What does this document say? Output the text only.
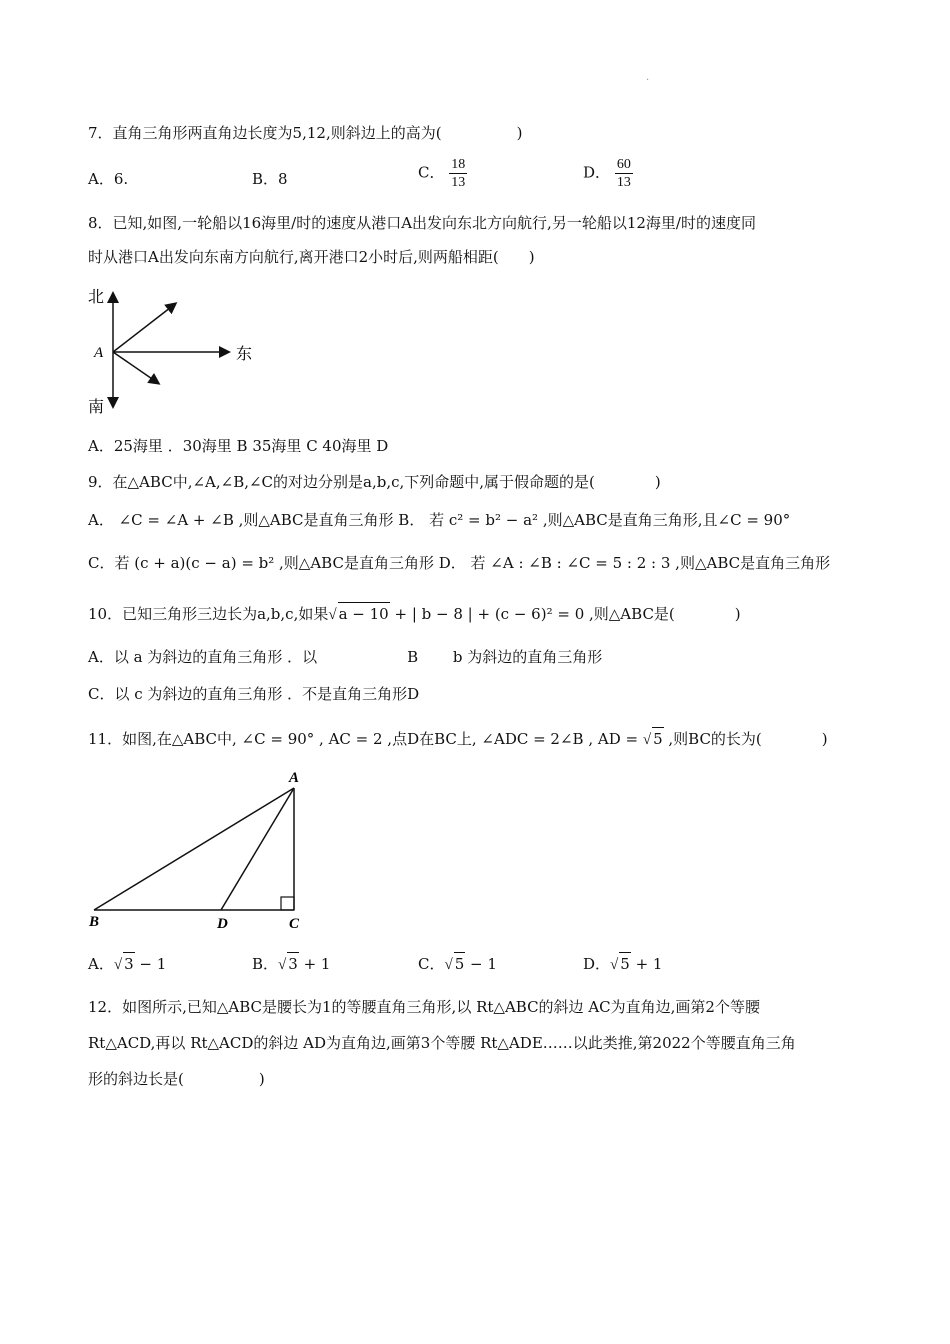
·
7．直角三角形两直角边长度为5,12,则斜边上的高为(　　　　　)
A．6.	B．8	C． $\frac{18}{13}$	D． $\frac{60}{13}$
8．已知,如图,一轮船以16海里/时的速度从港口A出发向东北方向航行,另一轮船以12海里/时的速度同
时从港口A出发向东南方向航行,离开港口2小时后,则两船相距(　　)
北
A	东
南
A．25海里 ．30海里 B 35海里 C 40海里 D
9．在△ABC中,∠A,∠B,∠C的对边分别是a,b,c,下列命题中,属于假命题的是(　　　　)
A． ∠C = ∠A + ∠B ,则△ABC是直角三角形 B． 若 c² = b² − a² ,则△ABC是直角三角形,且∠C = 90°
C．若 (c + a)(c − a) = b² ,则△ABC是直角三角形 D． 若 ∠A : ∠B : ∠C = 5 : 2 : 3 ,则△ABC是直角三角形
10．已知三角形三边长为a,b,c,如果√ a − 10 + | b − 8 | + (c − 6)² = 0 ,则△ABC是(　　　　)
A．以 a 为斜边的直角三角形 ．以　　　　　　B　　 b 为斜边的直角三角形
C．以 c 为斜边的直角三角形 ．不是直角三角形D
11．如图,在△ABC中, ∠C = 90° , AC = 2 ,点D在BC上, ∠ADC = 2∠B , AD = √ 5 ,则BC的长为(　　　　)
A
B	D	C
A．√ 3 − 1	B．√ 3 + 1	C．√ 5 − 1	D．√ 5 + 1
12．如图所示,已知△ABC是腰长为1的等腰直角三角形,以 Rt△ABC的斜边 AC为直角边,画第2个等腰
Rt△ACD,再以 Rt△ACD的斜边 AD为直角边,画第3个等腰 Rt△ADE……以此类推,第2022个等腰直角三角
形的斜边长是(　　　　　)
